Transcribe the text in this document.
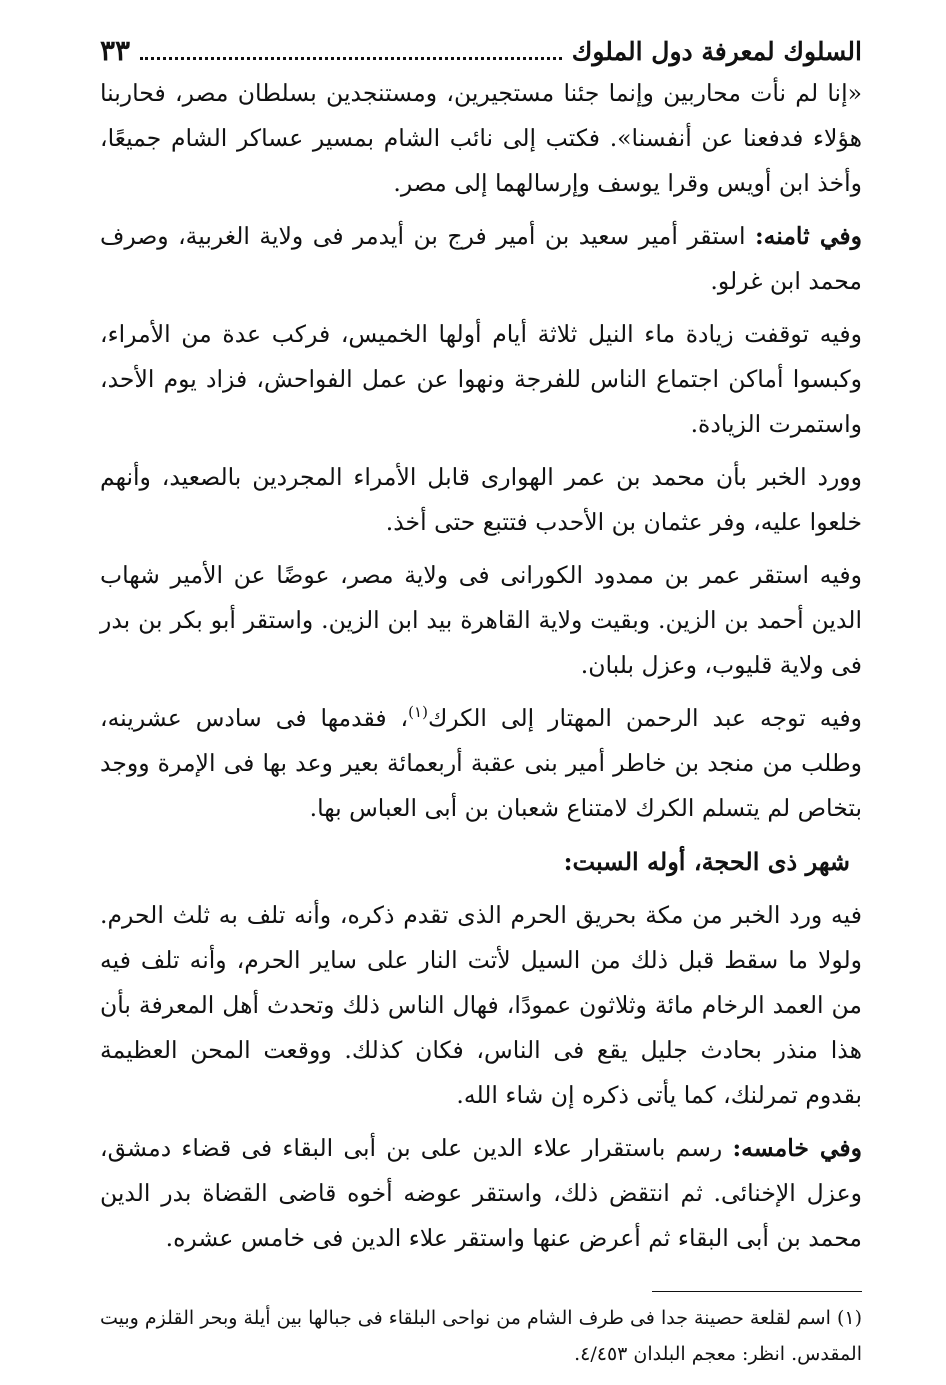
السلوك لمعرفة دول الملوك
٣٣

«إنا لم نأت محاربين وإنما جئنا مستجيرين، ومستنجدين بسلطان مصر، فحاربنا هؤلاء فدفعنا عن أنفسنا». فكتب إلى نائب الشام بمسير عساكر الشام جميعًا، وأخذ ابن أويس وقرا يوسف وإرسالهما إلى مصر.

وفي ثامنه: استقر أمير سعيد بن أمير فرج بن أيدمر فى ولاية الغربية، وصرف محمد ابن غرلو.

وفيه توقفت زيادة ماء النيل ثلاثة أيام أولها الخميس، فركب عدة من الأمراء، وكبسوا أماكن اجتماع الناس للفرجة ونهوا عن عمل الفواحش، فزاد يوم الأحد، واستمرت الزيادة.

وورد الخبر بأن محمد بن عمر الهوارى قابل الأمراء المجردين بالصعيد، وأنهم خلعوا عليه، وفر عثمان بن الأحدب فتتبع حتى أخذ.

وفيه استقر عمر بن ممدود الكورانى فى ولاية مصر، عوضًا عن الأمير شهاب الدين أحمد بن الزين. وبقيت ولاية القاهرة بيد ابن الزين. واستقر أبو بكر بن بدر فى ولاية قليوب، وعزل بلبان.

وفيه توجه عبد الرحمن المهتار إلى الكرك$^{(١)}$، فقدمها فى سادس عشرينه، وطلب من منجد بن خاطر أمير بنى عقبة أربعمائة بعير وعد بها فى الإمرة ووجد بتخاص لم يتسلم الكرك لامتناع شعبان بن أبى العباس بها.

شهر ذى الحجة، أوله السبت:

فيه ورد الخبر من مكة بحريق الحرم الذى تقدم ذكره، وأنه تلف به ثلث الحرم. ولولا ما سقط قبل ذلك من السيل لأتت النار على ساير الحرم، وأنه تلف فيه من العمد الرخام مائة وثلاثون عمودًا، فهال الناس ذلك وتحدث أهل المعرفة بأن هذا منذر بحادث جليل يقع فى الناس، فكان كذلك. ووقعت المحن العظيمة بقدوم تمرلنك، كما يأتى ذكره إن شاء الله.

وفي خامسه: رسم باستقرار علاء الدين على بن أبى البقاء فى قضاء دمشق، وعزل الإخنائى. ثم انتقض ذلك، واستقر عوضه أخوه قاضى القضاة بدر الدين محمد بن أبى البقاء ثم أعرض عنها واستقر علاء الدين فى خامس عشره.

(١) اسم لقلعة حصينة جدا فى طرف الشام من نواحى البلقاء فى جبالها بين أيلة وبحر القلزم وبيت المقدس. انظر: معجم البلدان ٤/٤٥٣.
